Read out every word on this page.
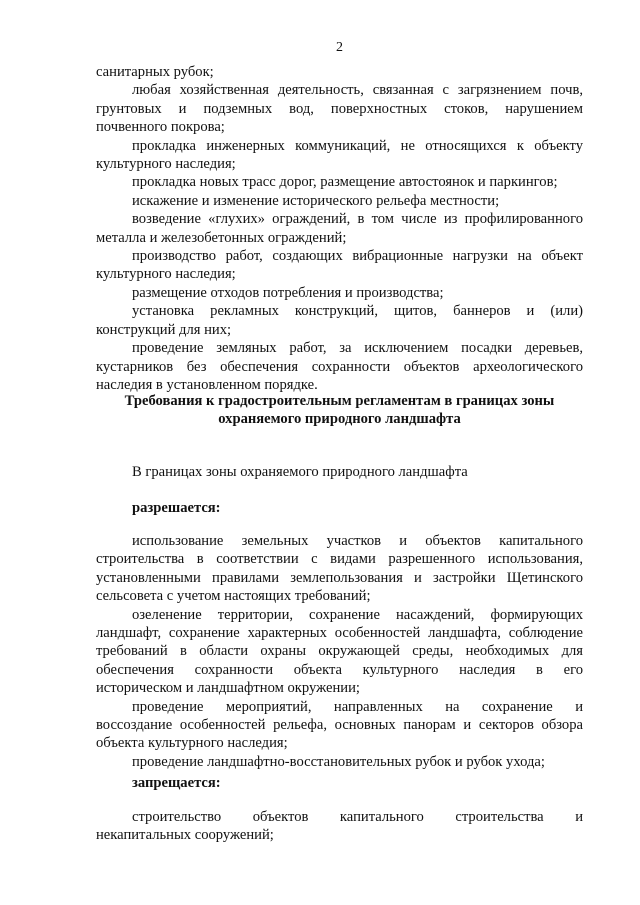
2
санитарных рубок;
любая хозяйственная деятельность, связанная с загрязнением почв,
грунтовых и подземных вод, поверхностных стоков, нарушением
почвенного покрова;
прокладка инженерных коммуникаций, не относящихся к объекту
культурного наследия;
прокладка новых трасс дорог, размещение автостоянок и паркингов;
искажение и изменение исторического рельефа местности;
возведение «глухих» ограждений, в том числе из профилированного
металла и железобетонных ограждений;
производство работ, создающих вибрационные нагрузки на объект
культурного наследия;
размещение отходов потребления и производства;
установка рекламных конструкций, щитов, баннеров и (или)
конструкций для них;
проведение земляных работ, за исключением посадки деревьев,
кустарников без обеспечения сохранности объектов археологического
наследия в установленном порядке.
Требования к градостроительным регламентам в границах зоны
охраняемого природного ландшафта
В границах зоны охраняемого природного ландшафта
разрешается:
использование земельных участков и объектов капитального
строительства в соответствии с видами разрешенного использования,
установленными правилами землепользования и застройки Щетинского
сельсовета с учетом настоящих требований;
озеленение территории, сохранение насаждений, формирующих
ландшафт, сохранение характерных особенностей ландшафта, соблюдение
требований в области охраны окружающей среды, необходимых для
обеспечения сохранности объекта культурного наследия в его
историческом и ландшафтном окружении;
проведение мероприятий, направленных на сохранение и
воссоздание особенностей рельефа, основных панорам и секторов обзора
объекта культурного наследия;
проведение ландшафтно-восстановительных рубок и рубок ухода;
запрещается:
строительство объектов капитального строительства и
некапитальных сооружений;
